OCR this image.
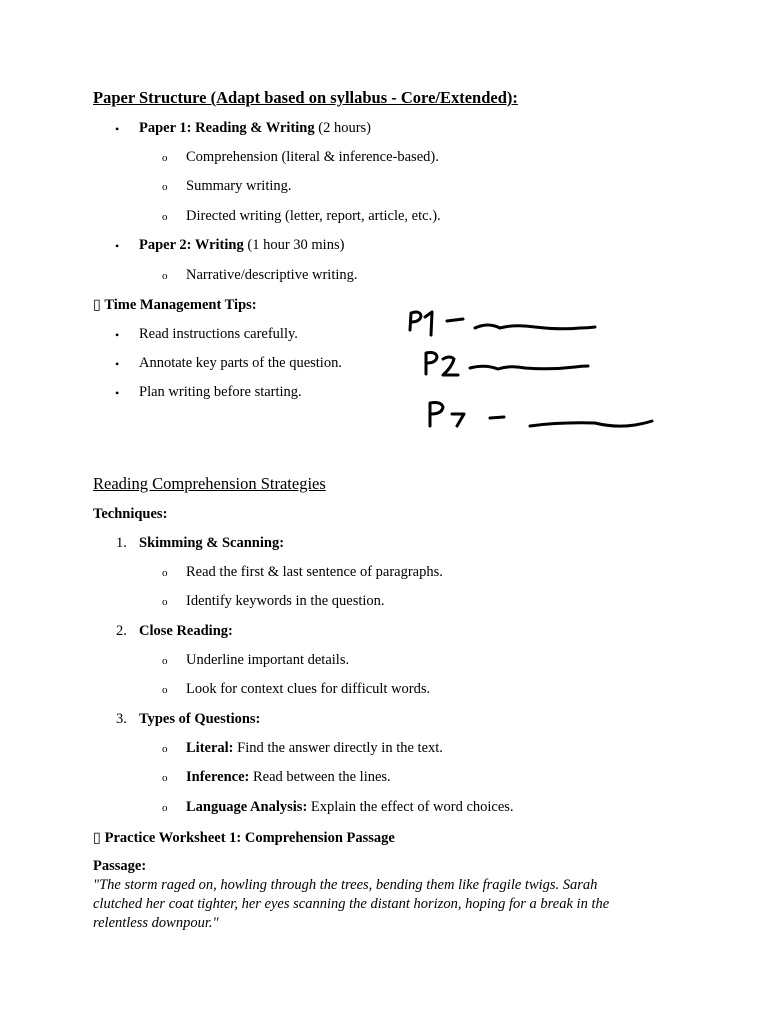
Paper Structure (Adapt based on syllabus - Core/Extended):
• Paper 1: Reading & Writing (2 hours)
o Comprehension (literal & inference-based).
o Summary writing.
o Directed writing (letter, report, article, etc.).
• Paper 2: Writing (1 hour 30 mins)
o Narrative/descriptive writing.
▯ Time Management Tips:
• Read instructions carefully.
• Annotate key parts of the question.
• Plan writing before starting.
Reading Comprehension Strategies
Techniques:
1. Skimming & Scanning:
o Read the first & last sentence of paragraphs.
o Identify keywords in the question.
2. Close Reading:
o Underline important details.
o Look for context clues for difficult words.
3. Types of Questions:
o Literal: Find the answer directly in the text.
o Inference: Read between the lines.
o Language Analysis: Explain the effect of word choices.
▯ Practice Worksheet 1: Comprehension Passage
Passage:
"The storm raged on, howling through the trees, bending them like fragile twigs. Sarah
clutched her coat tighter, her eyes scanning the distant horizon, hoping for a break in the
relentless downpour."
